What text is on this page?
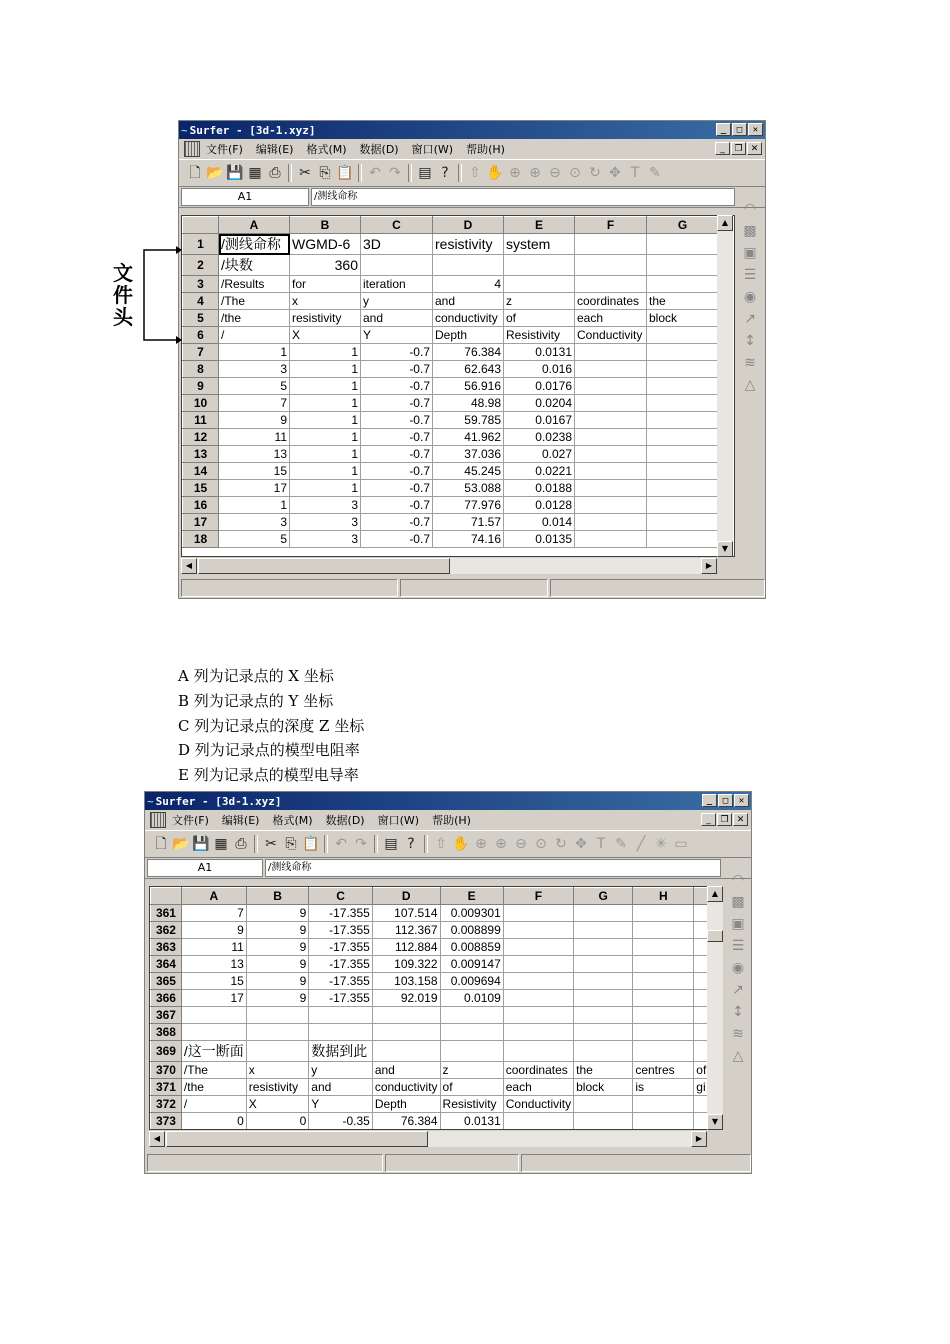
~ Surfer - [3d-1.xyz]	_	□	✕
文件(F) 编辑(E) 格式(M) 数据(D) 窗口(W) 帮助(H)	_	❐ ✕
🗋 📂 💾 ▦ ⎙	✂ ⎘ 📋 ↶ ↷ ▤ ?	⇧ ✋ ⊕ ⊕ ⊖ ⊙ ↻ ✥ T ✎
A1	/测线命称
	A	B	C	D	E	F	G
1	/测线命称	WGMD-6	3D	resistivity	system		
2	/块数	360					
3	/Results	for	iteration	4			
4	/The	x	y	and	z	coordinates	the
5	/the	resistivity	and	conductivity	of	each	block
6	/	X	Y	Depth	Resistivity	Conductivity	
7	1	1	-0.7	76.384	0.0131		
8	3	1	-0.7	62.643	0.016		
9	5	1	-0.7	56.916	0.0176		
10	7	1	-0.7	48.98	0.0204		
11	9	1	-0.7	59.785	0.0167		
12	11	1	-0.7	41.962	0.0238		
13	13	1	-0.7	37.036	0.027		
14	15	1	-0.7	45.245	0.0221		
15	17	1	-0.7	53.088	0.0188		
16	1	3	-0.7	77.976	0.0128		
17	3	3	-0.7	71.57	0.014		
18	5	3	-0.7	74.16	0.0135		
▲
▼
◀	▶
◠
▩
▣
☰
◉
↗
↕
≋
△
文件头
A 列为记录点的 X 坐标
B 列为记录点的 Y 坐标
C 列为记录点的深度 Z 坐标
D 列为记录点的模型电阻率
E 列为记录点的模型电导率
~ Surfer - [3d-1.xyz]	_	□	✕
文件(F) 编辑(E) 格式(M) 数据(D) 窗口(W) 帮助(H)	_	❐ ✕
🗋 📂 💾 ▦ ⎙	✂ ⎘ 📋 ↶ ↷ ▤ ?	⇧ ✋ ⊕ ⊕ ⊖ ⊙ ↻ ✥ T ✎ ╱ ✳ ▭
A1	/测线命称
	A	B	C	D	E	F	G	H	
361	7	9	-17.355	107.514	0.009301				
362	9	9	-17.355	112.367	0.008899				
363	11	9	-17.355	112.884	0.008859				
364	13	9	-17.355	109.322	0.009147				
365	15	9	-17.355	103.158	0.009694				
366	17	9	-17.355	92.019	0.0109				
367									
368									
369	/这一断面		数据到此						
370	/The	x	y	and	z	coordinates	the	centres	of
371	/the	resistivity	and	conductivity	of	each	block	is	gi
372	/	X	Y	Depth	Resistivity	Conductivity			
373	0	0	-0.35	76.384	0.0131				
▲
▼
◀	▶
◠
▩
▣
☰
◉
↗
↕
≋
△
